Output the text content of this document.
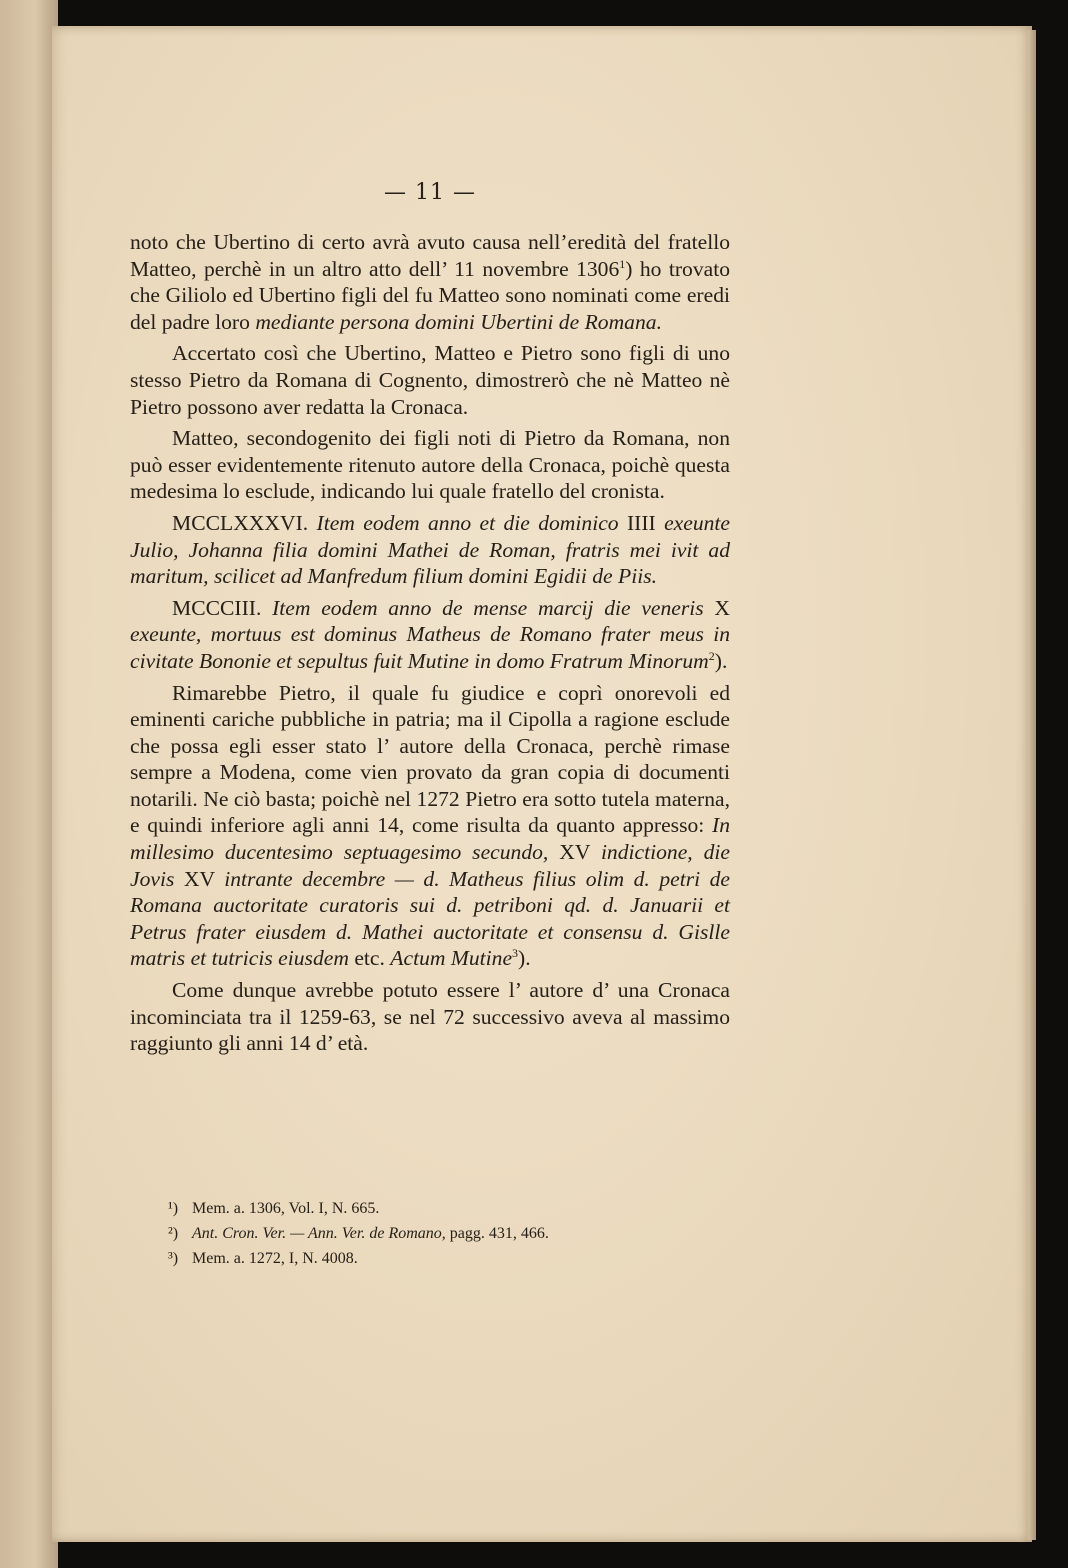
— 11 —

noto che Ubertino di certo avrà avuto causa nell’eredità del fratello Matteo, perchè in un altro atto dell’ 11 novembre 1306$^1$) ho trovato che Giliolo ed Ubertino figli del fu Matteo sono nominati come eredi del padre loro mediante persona domini Ubertini de Romana.

Accertato così che Ubertino, Matteo e Pietro sono figli di uno stesso Pietro da Romana di Cognento, dimostrerò che nè Matteo nè Pietro possono aver redatta la Cronaca.

Matteo, secondogenito dei figli noti di Pietro da Romana, non può esser evidentemente ritenuto autore della Cronaca, poichè questa medesima lo esclude, indicando lui quale fratello del cronista.

MCCLXXXVI. Item eodem anno et die dominico IIII exeunte Julio, Johanna filia domini Mathei de Roman, fratris mei ivit ad maritum, scilicet ad Manfredum filium domini Egidii de Piis.

MCCCIII. Item eodem anno de mense marcij die veneris X exeunte, mortuus est dominus Matheus de Romano frater meus in civitate Bononie et sepultus fuit Mutine in domo Fratrum Minorum$^2$).

Rimarebbe Pietro, il quale fu giudice e coprì onorevoli ed eminenti cariche pubbliche in patria; ma il Cipolla a ragione esclude che possa egli esser stato l’ autore della Cronaca, perchè rimase sempre a Modena, come vien provato da gran copia di documenti notarili. Ne ciò basta; poichè nel 1272 Pietro era sotto tutela materna, e quindi inferiore agli anni 14, come risulta da quanto appresso: In millesimo ducentesimo septuagesimo secundo, XV indictione, die Jovis XV intrante decembre — d. Matheus filius olim d. petri de Romana auctoritate curatoris sui d. petriboni qd. d. Januarii et Petrus frater eiusdem d. Mathei auctoritate et consensu d. Gislle matris et tutricis eiusdem etc. Actum Mutine$^3$).

Come dunque avrebbe potuto essere l’ autore d’ una Cronaca incominciata tra il 1259-63, se nel 72 successivo aveva al massimo raggiunto gli anni 14 d’ età.

¹) Mem. a. 1306, Vol. I, N. 665.
²) Ant. Cron. Ver. — Ann. Ver. de Romano, pagg. 431, 466.
³) Mem. a. 1272, I, N. 4008.
